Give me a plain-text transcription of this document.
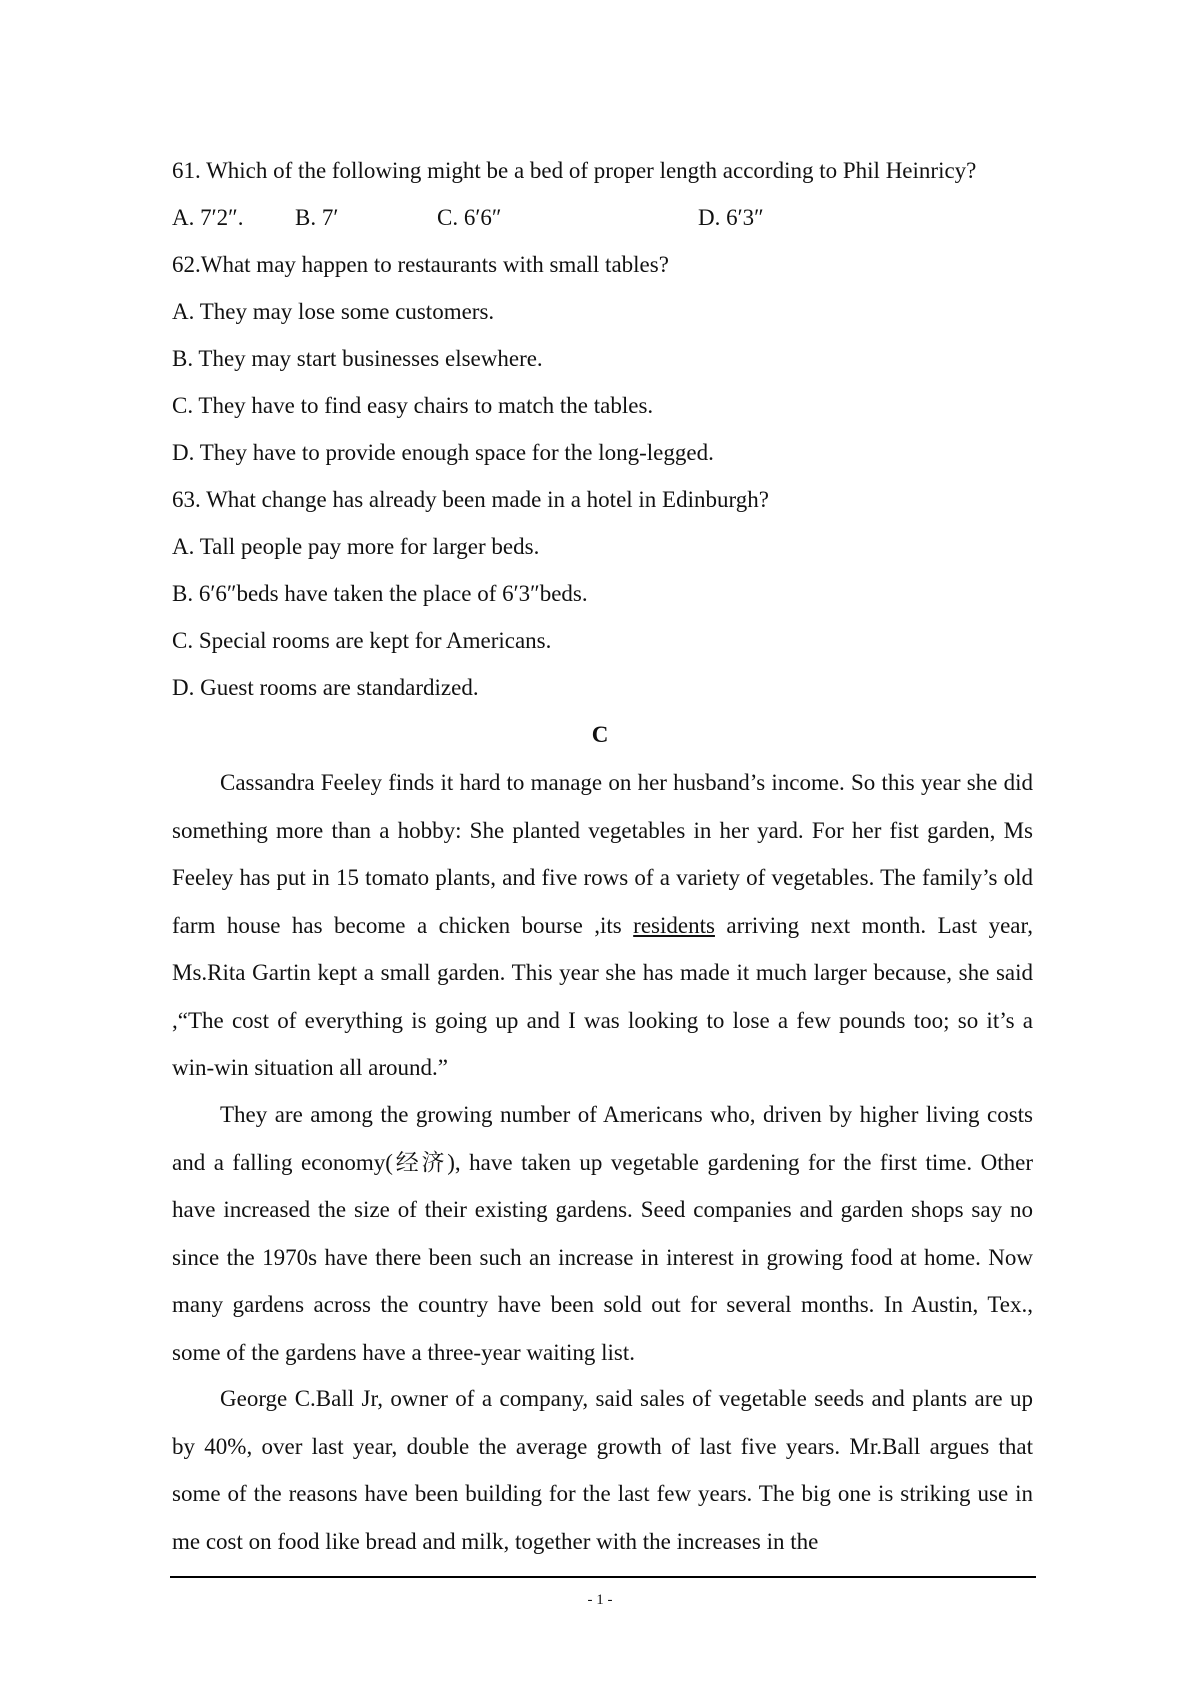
61. Which of the following might be a bed of proper length according to Phil Heinricy?
A. 7′2″. B. 7′	C. 6′6″	D. 6′3″
62.What may happen to restaurants with small tables?
A. They may lose some customers.
B. They may start businesses elsewhere.
C. They have to find easy chairs to match the tables.
D. They have to provide enough space for the long-legged.
63. What change has already been made in a hotel in Edinburgh?
A. Tall people pay more for larger beds.
B. 6′6″beds have taken the place of 6′3″beds.
C. Special rooms are kept for Americans.
D. Guest rooms are standardized.
C
Cassandra Feeley finds it hard to manage on her husband’s income. So this year she did something more than a hobby: She planted vegetables in her yard. For her fist garden, Ms Feeley has put in 15 tomato plants, and five rows of a variety of vegetables. The family’s old farm house has become a chicken bourse ,its residents arriving next month. Last year, Ms.Rita Gartin kept a small garden. This year she has made it much larger because, she said ,“The cost of everything is going up and I was looking to lose a few pounds too; so it’s a win-win situation all around.”
They are among the growing number of Americans who, driven by higher living costs and a falling economy(经济), have taken up vegetable gardening for the first time. Other have increased the size of their existing gardens. Seed companies and garden shops say no since the 1970s have there been such an increase in interest in growing food at home. Now many gardens across the country have been sold out for several months. In Austin, Tex., some of the gardens have a three-year waiting list.
George C.Ball Jr, owner of a company, said sales of vegetable seeds and plants are up by 40%, over last year, double the average growth of last five years. Mr.Ball argues that some of the reasons have been building for the last few years. The big one is striking use in me cost on food like bread and milk, together with the increases in the
- 1 -
